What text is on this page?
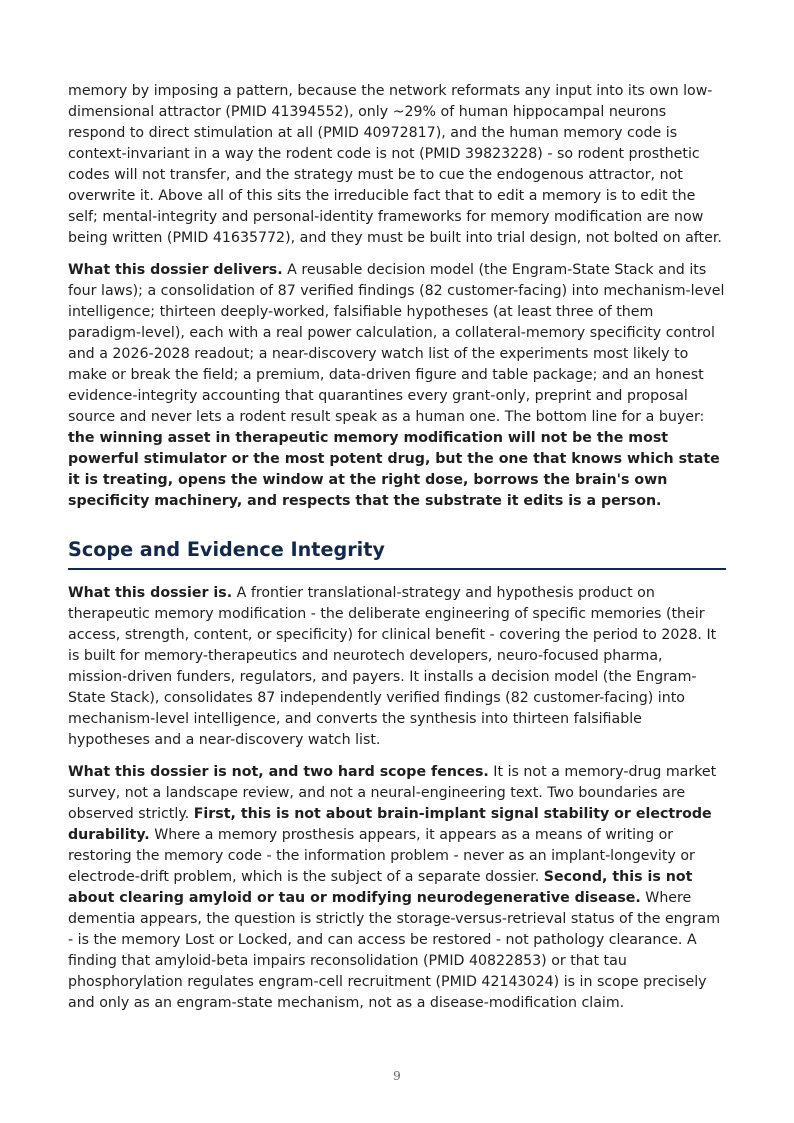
memory by imposing a pattern, because the network reformats any input into its own low-dimensional attractor (PMID 41394552), only ~29% of human hippocampal neurons respond to direct stimulation at all (PMID 40972817), and the human memory code is context-invariant in a way the rodent code is not (PMID 39823228) - so rodent prosthetic codes will not transfer, and the strategy must be to cue the endogenous attractor, not overwrite it. Above all of this sits the irreducible fact that to edit a memory is to edit the self; mental-integrity and personal-identity frameworks for memory modification are now being written (PMID 41635772), and they must be built into trial design, not bolted on after.

What this dossier delivers. A reusable decision model (the Engram-State Stack and its four laws); a consolidation of 87 verified findings (82 customer-facing) into mechanism-level intelligence; thirteen deeply-worked, falsifiable hypotheses (at least three of them paradigm-level), each with a real power calculation, a collateral-memory specificity control and a 2026-2028 readout; a near-discovery watch list of the experiments most likely to make or break the field; a premium, data-driven figure and table package; and an honest evidence-integrity accounting that quarantines every grant-only, preprint and proposal source and never lets a rodent result speak as a human one. The bottom line for a buyer: the winning asset in therapeutic memory modification will not be the most powerful stimulator or the most potent drug, but the one that knows which state it is treating, opens the window at the right dose, borrows the brain's own specificity machinery, and respects that the substrate it edits is a person.

Scope and Evidence Integrity

What this dossier is. A frontier translational-strategy and hypothesis product on therapeutic memory modification - the deliberate engineering of specific memories (their access, strength, content, or specificity) for clinical benefit - covering the period to 2028. It is built for memory-therapeutics and neurotech developers, neuro-focused pharma, mission-driven funders, regulators, and payers. It installs a decision model (the Engram-State Stack), consolidates 87 independently verified findings (82 customer-facing) into mechanism-level intelligence, and converts the synthesis into thirteen falsifiable hypotheses and a near-discovery watch list.

What this dossier is not, and two hard scope fences. It is not a memory-drug market survey, not a landscape review, and not a neural-engineering text. Two boundaries are observed strictly. First, this is not about brain-implant signal stability or electrode durability. Where a memory prosthesis appears, it appears as a means of writing or restoring the memory code - the information problem - never as an implant-longevity or electrode-drift problem, which is the subject of a separate dossier. Second, this is not about clearing amyloid or tau or modifying neurodegenerative disease. Where dementia appears, the question is strictly the storage-versus-retrieval status of the engram - is the memory Lost or Locked, and can access be restored - not pathology clearance. A finding that amyloid-beta impairs reconsolidation (PMID 40822853) or that tau phosphorylation regulates engram-cell recruitment (PMID 42143024) is in scope precisely and only as an engram-state mechanism, not as a disease-modification claim.

9
